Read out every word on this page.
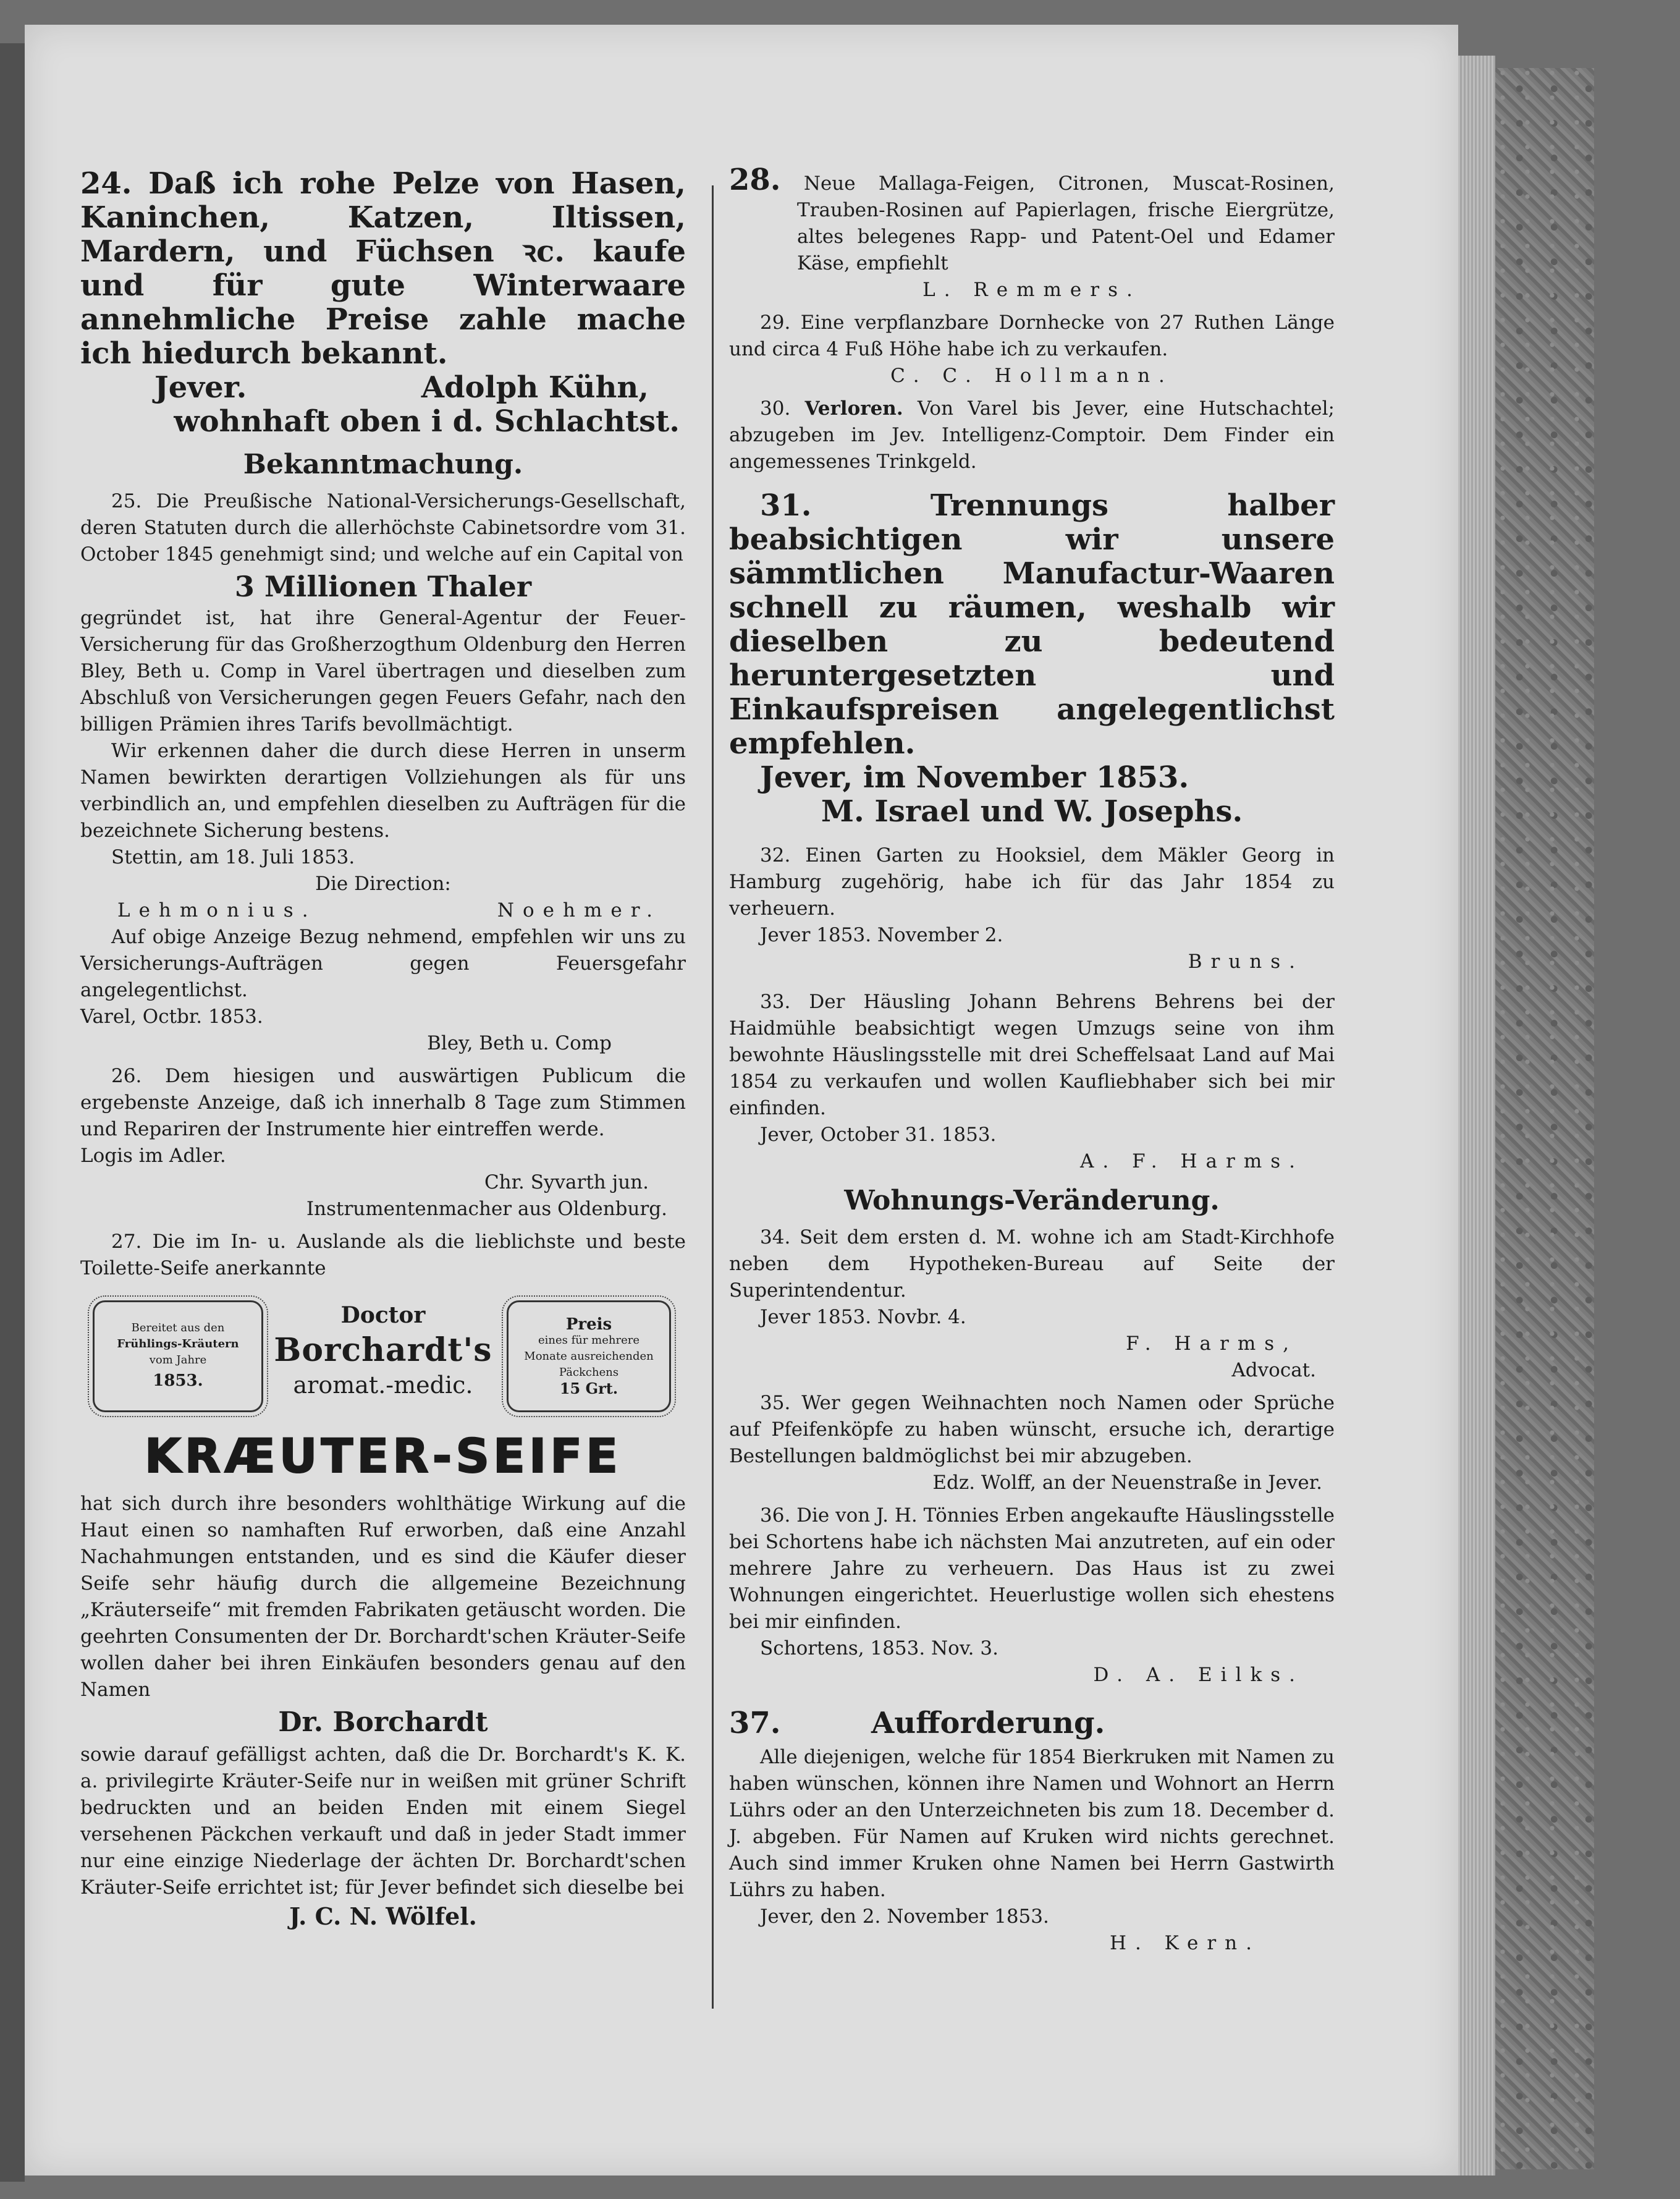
24. Daß ich rohe Pelze von Hasen, Kaninchen, Katzen, Iltissen, Mardern, und Füchsen ꝛc. kaufe und für gute Winterwaare annehmliche Preise zahle mache ich hiedurch bekannt.

Jever.	Adolph Kühn,
wohnhaft oben i d. Schlachtst.
Bekanntmachung.

25. Die Preußische National-Versicherungs-Gesellschaft, deren Statuten durch die allerhöchste Cabinetsordre vom 31. October 1845 genehmigt sind; und welche auf ein Capital von

3 Millionen Thaler

gegründet ist, hat ihre General-Agentur der Feuer-Versicherung für das Großherzogthum Oldenburg den Herren Bley, Beth u. Comp in Varel übertragen und dieselben zum Abschluß von Versicherungen gegen Feuers Gefahr, nach den billigen Prämien ihres Tarifs bevollmächtigt.

Wir erkennen daher die durch diese Herren in unserm Namen bewirkten derartigen Vollziehungen als für uns verbindlich an, und empfehlen dieselben zu Aufträgen für die bezeichnete Sicherung bestens.

Stettin, am 18. Juli 1853.

Die Direction:

Lehmonius.	Noehmer.

Auf obige Anzeige Bezug nehmend, empfehlen wir uns zu Versicherungs-Aufträgen gegen Feuersgefahr angelegentlichst.

Varel, Octbr. 1853.

Bley, Beth u. Comp

26. Dem hiesigen und auswärtigen Publicum die ergebenste Anzeige, daß ich innerhalb 8 Tage zum Stimmen und Repariren der Instrumente hier eintreffen werde.

Logis im Adler.

Chr. Syvarth jun.

Instrumentenmacher aus Oldenburg.

27. Die im In- u. Auslande als die lieblichste und beste Toilette-Seife anerkannte

Bereitet aus den
Frühlings-Kräutern
vom Jahre
1853.
Doctor
Borchardt's
aromat.-medic.
Preis
eines für mehrere
Monate ausreichenden
Päckchens
15 Grt.
KRÆUTER-SEIFE

hat sich durch ihre besonders wohlthätige Wirkung auf die Haut einen so namhaften Ruf erworben, daß eine Anzahl Nachahmungen entstanden, und es sind die Käufer dieser Seife sehr häufig durch die allgemeine Bezeichnung „Kräuterseife“ mit fremden Fabrikaten getäuscht worden. Die geehrten Consumenten der Dr. Borchardt'schen Kräuter-Seife wollen daher bei ihren Einkäufen besonders genau auf den Namen

Dr. Borchardt

sowie darauf gefälligst achten, daß die Dr. Borchardt's K. K. a. privilegirte Kräuter-Seife nur in weißen mit grüner Schrift bedruckten und an beiden Enden mit einem Siegel versehenen Päckchen verkauft und daß in jeder Stadt immer nur eine einzige Niederlage der ächten Dr. Borchardt'schen Kräuter-Seife errichtet ist; für Jever befindet sich dieselbe bei

J. C. N. Wölfel.

28. Neue Mallaga-Feigen, Citronen, Muscat-Rosinen, Trauben-Rosinen auf Papierlagen, frische Eiergrütze, altes belegenes Rapp- und Patent-Oel und Edamer Käse, empfiehlt

L. Remmers.

29. Eine verpflanzbare Dornhecke von 27 Ruthen Länge und circa 4 Fuß Höhe habe ich zu verkaufen.

C. C. Hollmann.

30. Verloren. Von Varel bis Jever, eine Hutschachtel; abzugeben im Jev. Intelligenz-Comptoir. Dem Finder ein angemessenes Trinkgeld.

31. Trennungs halber beabsichtigen wir unsere sämmtlichen Manufactur-Waaren schnell zu räumen, weshalb wir dieselben zu bedeutend heruntergesetzten und Einkaufspreisen angelegentlichst empfehlen.

Jever, im November 1853.

M. Israel und W. Josephs.

32. Einen Garten zu Hooksiel, dem Mäkler Georg in Hamburg zugehörig, habe ich für das Jahr 1854 zu verheuern.

Jever 1853. November 2.

Bruns.

33. Der Häusling Johann Behrens Behrens bei der Haidmühle beabsichtigt wegen Umzugs seine von ihm bewohnte Häuslingsstelle mit drei Scheffelsaat Land auf Mai 1854 zu verkaufen und wollen Kaufliebhaber sich bei mir einfinden.

Jever, October 31. 1853.

A. F. Harms.

Wohnungs-Veränderung.

34. Seit dem ersten d. M. wohne ich am Stadt-Kirchhofe neben dem Hypotheken-Bureau auf Seite der Superintendentur.

Jever 1853. Novbr. 4.

F. Harms,

Advocat.

35. Wer gegen Weihnachten noch Namen oder Sprüche auf Pfeifenköpfe zu haben wünscht, ersuche ich, derartige Bestellungen baldmöglichst bei mir abzugeben.

Edz. Wolff, an der Neuenstraße in Jever.

36. Die von J. H. Tönnies Erben angekaufte Häuslingsstelle bei Schortens habe ich nächsten Mai anzutreten, auf ein oder mehrere Jahre zu verheuern. Das Haus ist zu zwei Wohnungen eingerichtet. Heuerlustige wollen sich ehestens bei mir einfinden.

Schortens, 1853. Nov. 3.

D. A. Eilks.

37.	Aufforderung.

Alle diejenigen, welche für 1854 Bierkruken mit Namen zu haben wünschen, können ihre Namen und Wohnort an Herrn Lührs oder an den Unterzeichneten bis zum 18. December d. J. abgeben. Für Namen auf Kruken wird nichts gerechnet. Auch sind immer Kruken ohne Namen bei Herrn Gastwirth Lührs zu haben.

Jever, den 2. November 1853.

H. Kern.
